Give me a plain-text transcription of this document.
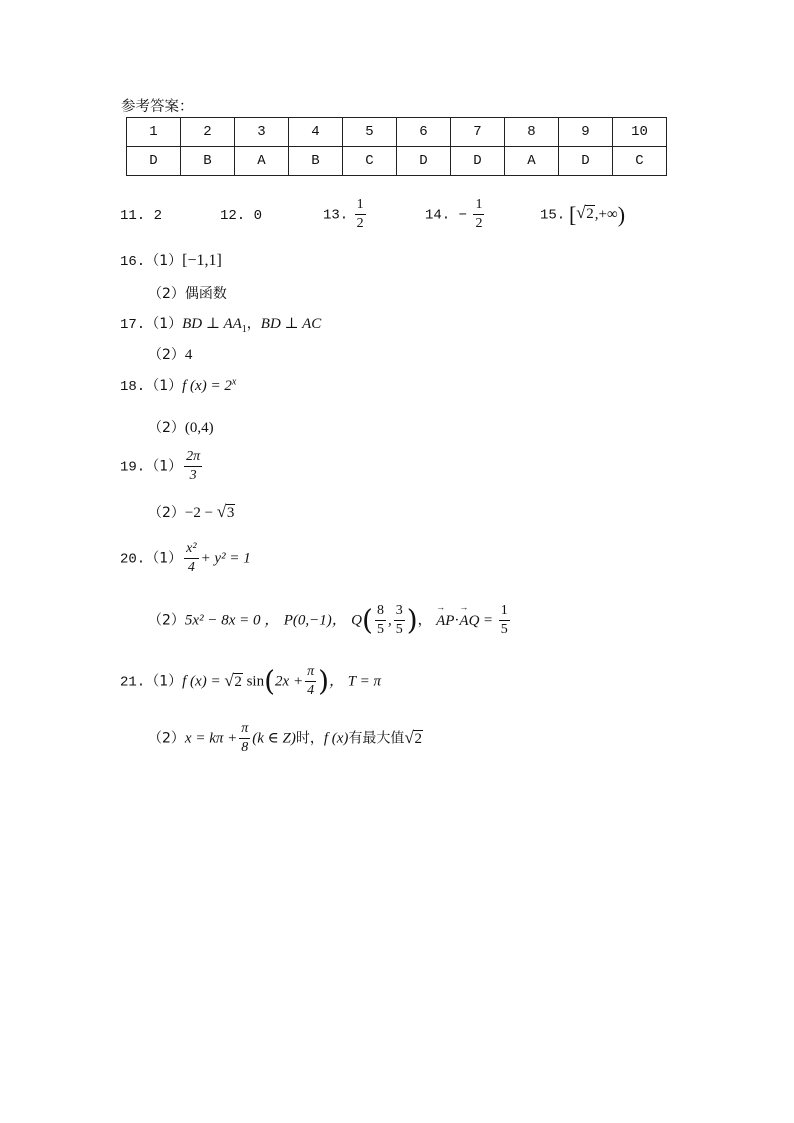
参考答案：
1	2	3	4	5	6	7	8	9	10
D	B	A	B	C	D	D	A	D	C
11. 2	12. 0	13. $\frac{1}{2}$	14. − $\frac{1}{2}$	15. [ √ 2,+∞)
16.（1）[−1,1]
（2）偶函数
17.（1）BD ⊥ $AA_1$，BD ⊥ AC
（2）4
18.（1）f $(x) = 2^x$
（2）(0,4)
$19.(1) \frac{2\pi}{3}$
（2）−2 − √ 3
$20.(1) \frac{\text{x²}}{4} + y^2 = 1$
（2）5x² − 8x = 0 ， P(0,−1)， $Q( \frac{8}{5}$ , $\frac{3}{5}$ )，
→
AP·
→
AQ = $\frac{1}{5}$
21.（1）f (x) = √ 2 $\sin(2x + \frac{\pi}{4}$ )， T = π
$(2)x = k\pi + \frac{\pi}{8} (k$ ∈ Z)时，f (x)有最大值 √ 2
